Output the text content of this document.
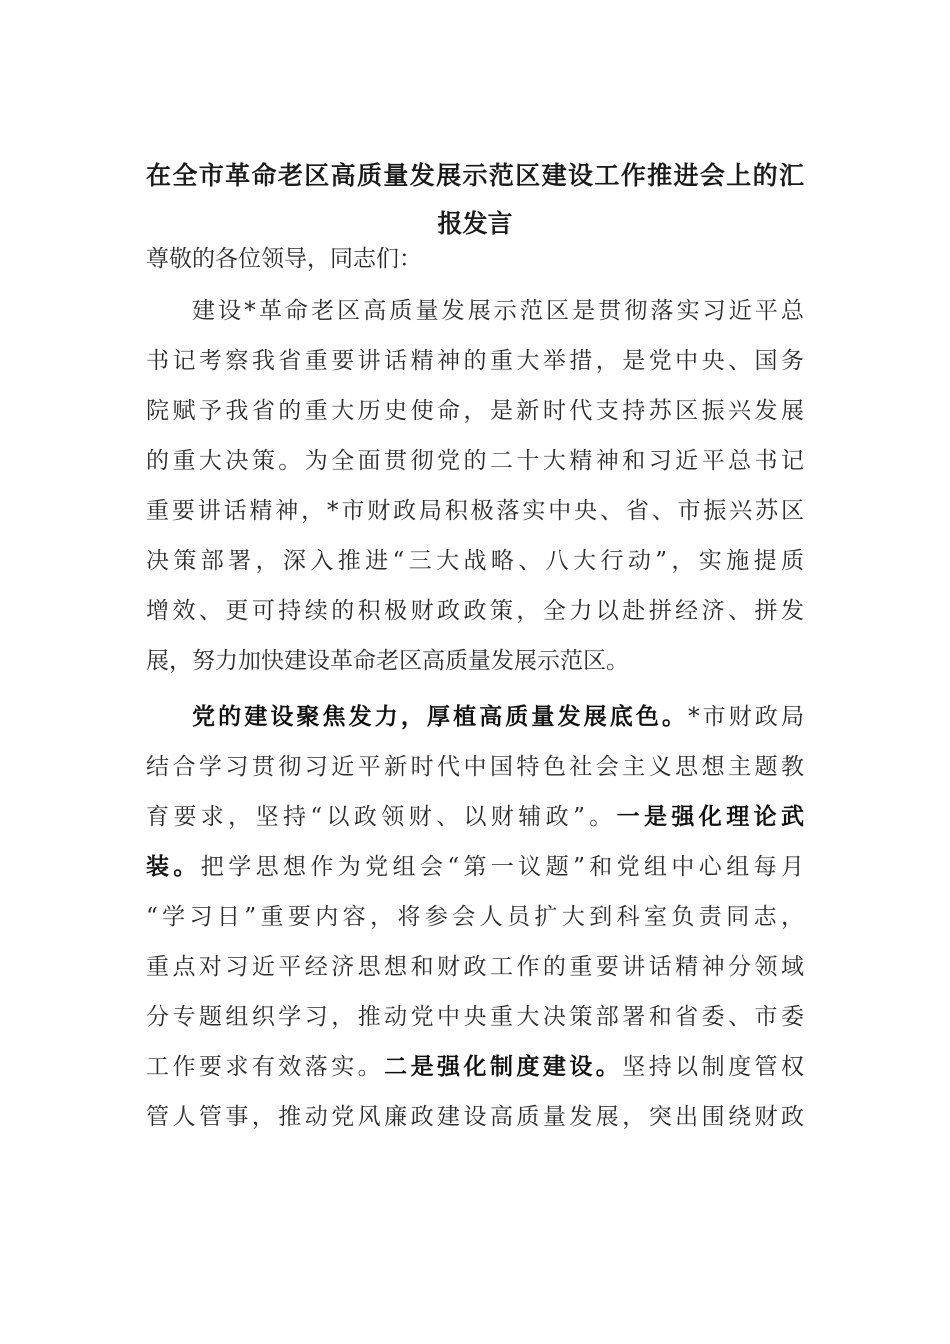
在全市革命老区高质量发展示范区建设工作推进会上的汇
报发言
尊敬的各位领导，同志们：
建设*革命老区高质量发展示范区是贯彻落实习近平总
书记考察我省重要讲话精神的重大举措，是党中央、国务
院赋予我省的重大历史使命，是新时代支持苏区振兴发展
的重大决策。为全面贯彻党的二十大精神和习近平总书记
重要讲话精神，*市财政局积极落实中央、省、市振兴苏区
决策部署，深入推进“三大战略、八大行动”，实施提质
增效、更可持续的积极财政政策，全力以赴拼经济、拼发
展，努力加快建设革命老区高质量发展示范区。
党的建设聚焦发力，厚植高质量发展底色。*市财政局
结合学习贯彻习近平新时代中国特色社会主义思想主题教
育要求，坚持“以政领财、以财辅政”。一是强化理论武
装。把学思想作为党组会“第一议题”和党组中心组每月
“学习日”重要内容，将参会人员扩大到科室负责同志，
重点对习近平经济思想和财政工作的重要讲话精神分领域
分专题组织学习，推动党中央重大决策部署和省委、市委
工作要求有效落实。二是强化制度建设。坚持以制度管权
管人管事，推动党风廉政建设高质量发展，突出围绕财政
